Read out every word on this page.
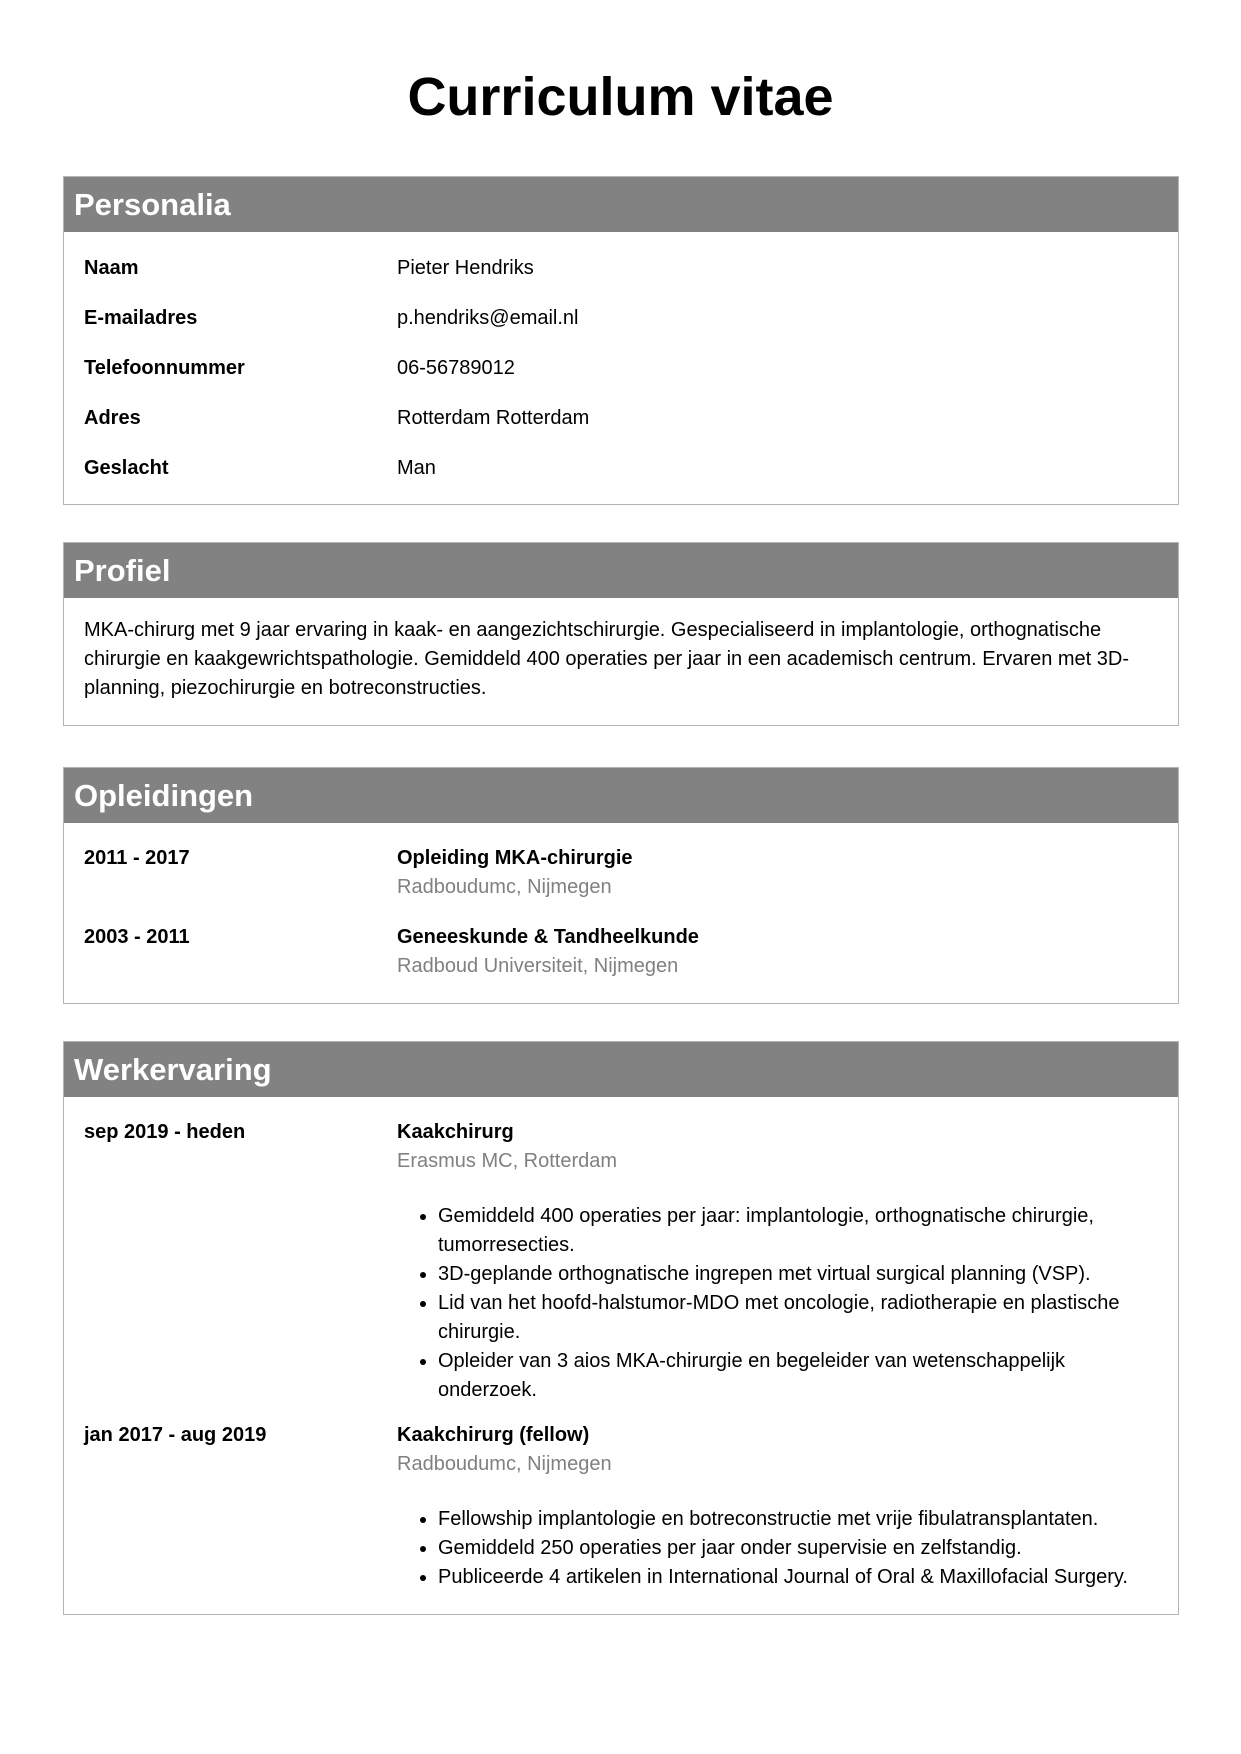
Curriculum vitae
Personalia
Naam	Pieter Hendriks
E-mailadres	p.hendriks@email.nl
Telefoonnummer	06-56789012
Adres	Rotterdam Rotterdam
Geslacht	Man
Profiel

MKA-chirurg met 9 jaar ervaring in kaak- en aangezichtschirurgie. Gespecialiseerd in implantologie, orthognatische chirurgie en kaakgewrichtspathologie. Gemiddeld 400 operaties per jaar in een academisch centrum. Ervaren met 3D-planning, piezochirurgie en botreconstructies.

Opleidingen
2011 - 2017	Opleiding MKA-chirurgie
Radboudumc, Nijmegen
2003 - 2011	Geneeskunde & Tandheelkunde
Radboud Universiteit, Nijmegen
Werkervaring
sep 2019 - heden	Kaakchirurg
Erasmus MC, Rotterdam
• Gemiddeld 400 operaties per jaar: implantologie, orthognatische chirurgie, tumorresecties.
• 3D-geplande orthognatische ingrepen met virtual surgical planning (VSP).
• Lid van het hoofd-halstumor-MDO met oncologie, radiotherapie en plastische chirurgie.
• Opleider van 3 aios MKA-chirurgie en begeleider van wetenschappelijk onderzoek.
jan 2017 - aug 2019	Kaakchirurg (fellow)
Radboudumc, Nijmegen
• Fellowship implantologie en botreconstructie met vrije fibulatransplantaten.
• Gemiddeld 250 operaties per jaar onder supervisie en zelfstandig.
• Publiceerde 4 artikelen in International Journal of Oral & Maxillofacial Surgery.
